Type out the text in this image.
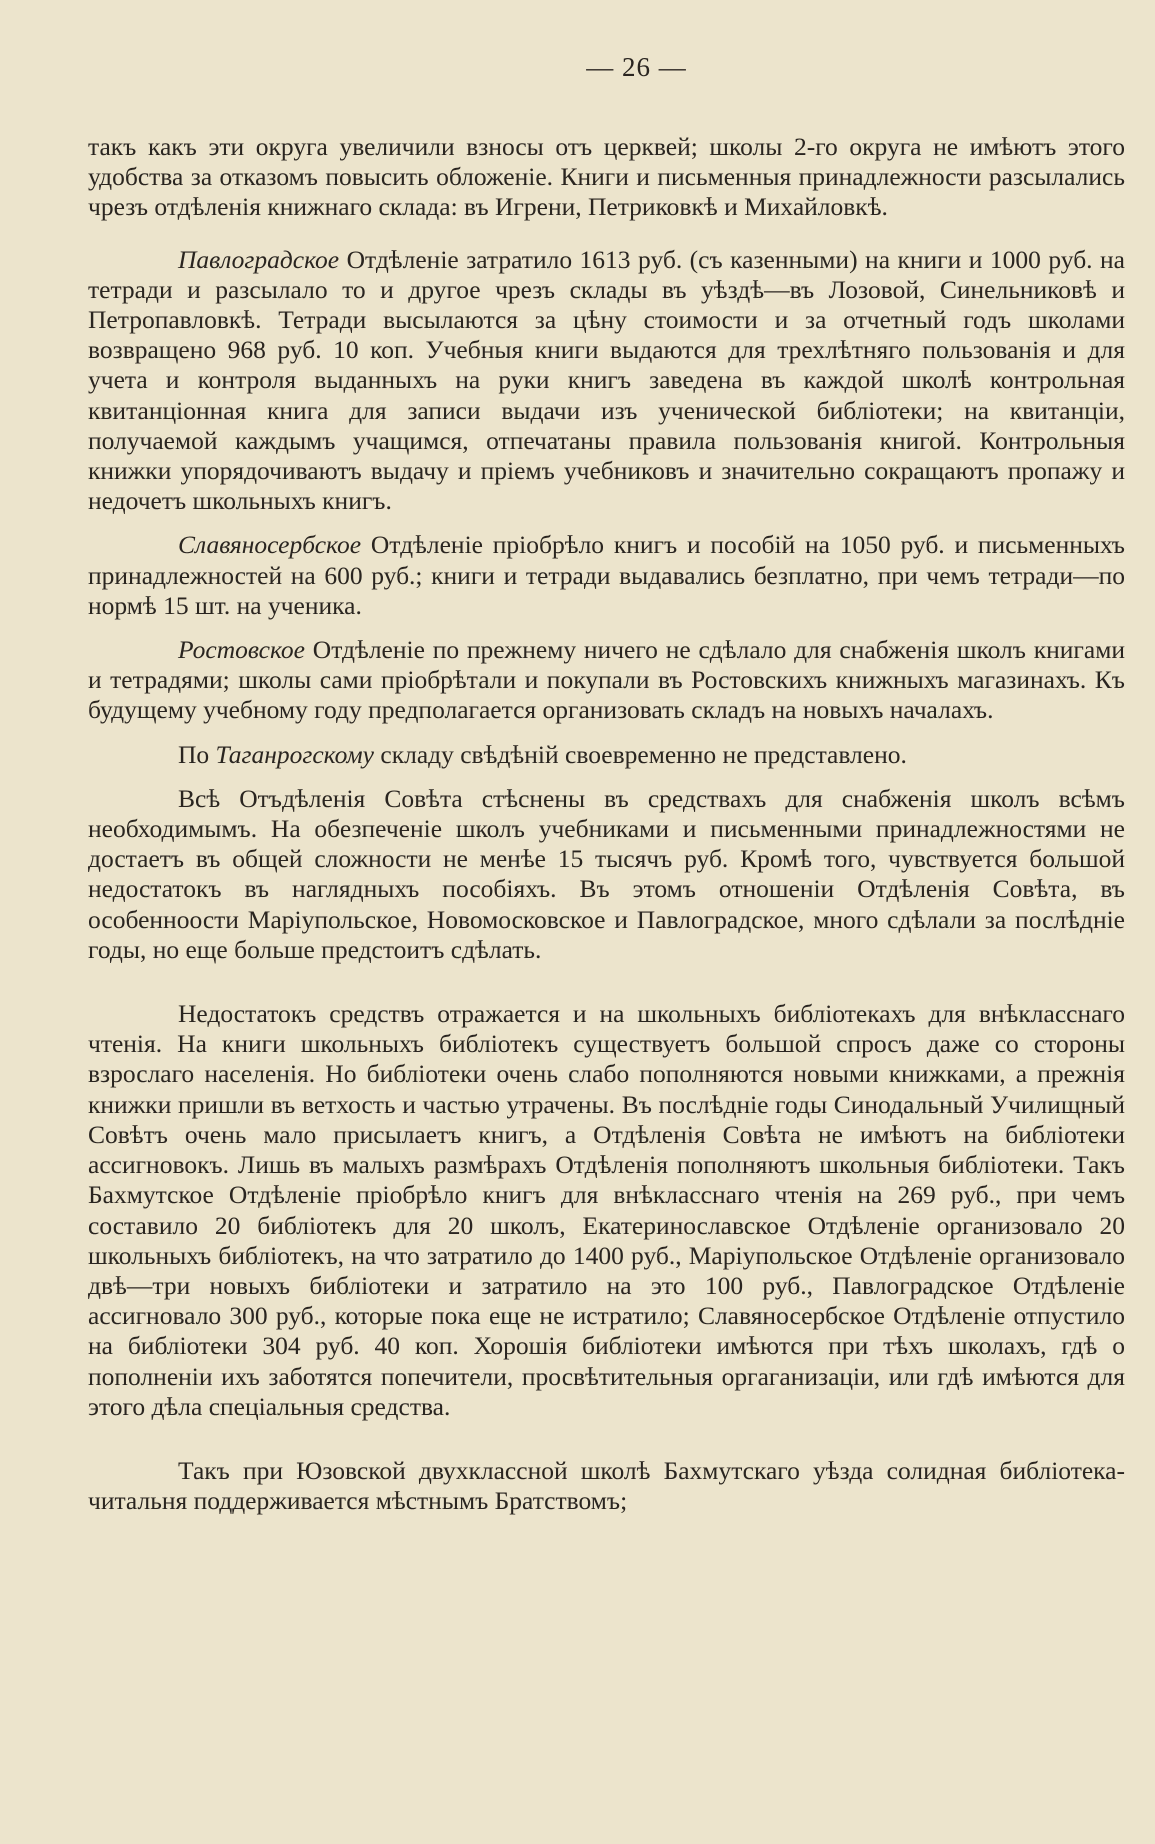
— 26 —

такъ какъ эти округа увеличили взносы отъ церквей; школы 2-го округа не имѣютъ этого удобства за отказомъ повысить обложеніе. Книги и письменныя принадлежности разсылались чрезъ отдѣленія книжнаго склада: въ Игрени, Петриковкѣ и Михайловкѣ.

Павлоградское Отдѣленіе затратило 1613 руб. (съ казенными) на книги и 1000 руб. на тетради и разсылало то и другое чрезъ склады въ уѣздѣ—въ Лозовой, Синельниковѣ и Петропавловкѣ. Тетради высылаются за цѣну стоимости и за отчетный годъ школами возвращено 968 руб. 10 коп. Учебныя книги выдаются для трехлѣтняго пользованія и для учета и контроля выданныхъ на руки книгъ заведена въ каждой школѣ контрольная квитанціонная книга для записи выдачи изъ ученической библіотеки; на квитанціи, получаемой каждымъ учащимся, отпечатаны правила пользованія книгой. Контрольныя книжки упорядочиваютъ выдачу и пріемъ учебниковъ и значительно сокращаютъ пропажу и недочетъ школьныхъ книгъ.

Славяносербское Отдѣленіе пріобрѣло книгъ и пособій на 1050 руб. и письменныхъ принадлежностей на 600 руб.; книги и тетради выдавались безплатно, при чемъ тетради—по нормѣ 15 шт. на ученика.

Ростовское Отдѣленіе по прежнему ничего не сдѣлало для снабженія школъ книгами и тетрадями; школы сами пріобрѣтали и покупали въ Ростовскихъ книжныхъ магазинахъ. Къ будущему учебному году предполагается организовать складъ на новыхъ началахъ.

По Таганрогскому складу свѣдѣній своевременно не представлено.

Всѣ Отъдѣленія Совѣта стѣснены въ средствахъ для снабженія школъ всѣмъ необходимымъ. На обезпеченіе школъ учебниками и письменными принадлежностями не достаетъ въ общей сложности не менѣе 15 тысячъ руб. Кромѣ того, чувствуется большой недостатокъ въ наглядныхъ пособіяхъ. Въ этомъ отношеніи Отдѣленія Совѣта, въ особенноости Маріупольское, Новомосковское и Павлоградское, много сдѣлали за послѣдніе годы, но еще больше предстоитъ сдѣлать.

Недостатокъ средствъ отражается и на школьныхъ библіотекахъ для внѣкласснаго чтенія. На книги школьныхъ библіотекъ существуетъ большой спросъ даже со стороны взрослаго населенія. Но библіотеки очень слабо пополняются новыми книжками, а прежнія книжки пришли въ ветхость и частью утрачены. Въ послѣдніе годы Синодальный Училищный Совѣтъ очень мало присылаетъ книгъ, а Отдѣленія Совѣта не имѣютъ на библіотеки ассигновокъ. Лишь въ малыхъ размѣрахъ Отдѣленія пополняютъ школьныя библіотеки. Такъ Бахмутское Отдѣленіе пріобрѣло книгъ для внѣкласснаго чтенія на 269 руб., при чемъ составило 20 библіотекъ для 20 школъ, Екатеринославское Отдѣленіе организовало 20 школьныхъ библіотекъ, на что затратило до 1400 руб., Маріупольское Отдѣленіе организовало двѣ—три новыхъ библіотеки и затратило на это 100 руб., Павлоградское Отдѣленіе ассигновало 300 руб., которые пока еще не истратило; Славяносербское Отдѣленіе отпустило на библіотеки 304 руб. 40 коп. Хорошія библіотеки имѣются при тѣхъ школахъ, гдѣ о пополненіи ихъ заботятся попечители, просвѣтительныя оргаганизаціи, или гдѣ имѣются для этого дѣла спеціальныя средства.

Такъ при Юзовской двухклассной школѣ Бахмутскаго уѣзда солидная библіотека-читальня поддерживается мѣстнымъ Братствомъ;
